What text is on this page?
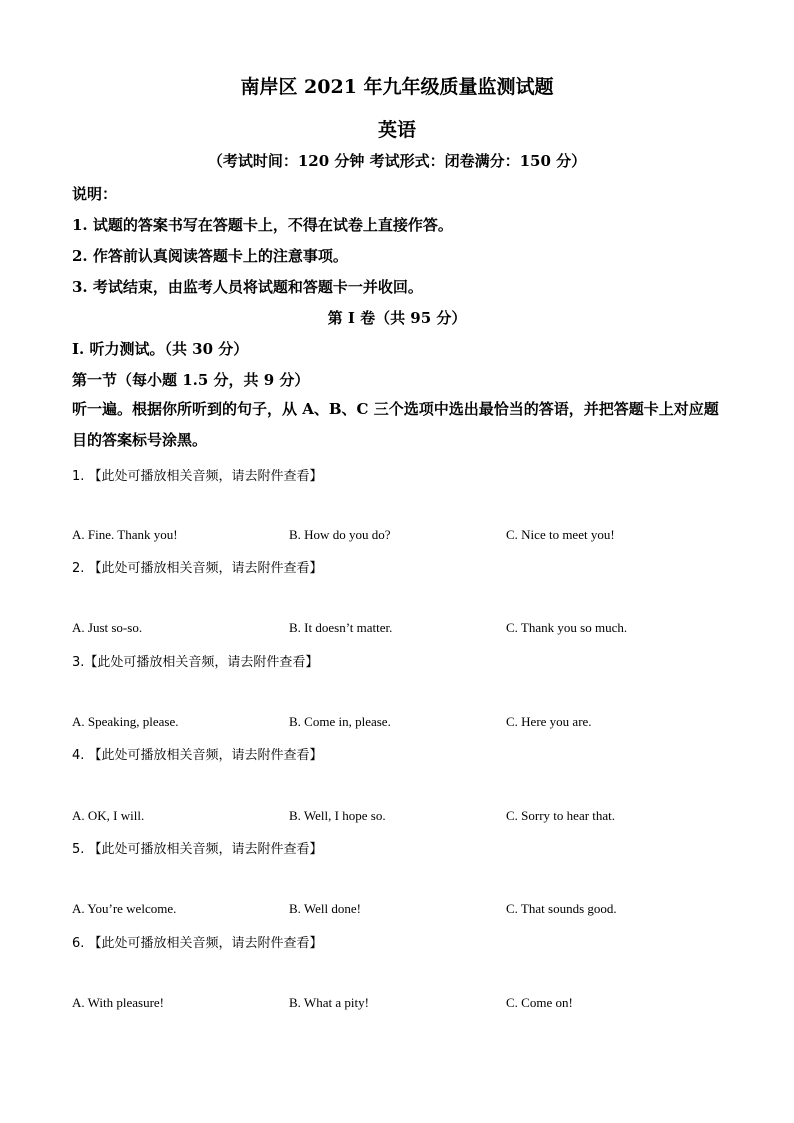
南岸区 2021 年九年级质量监测试题
英语
（考试时间：120 分钟 考试形式：闭卷满分：150 分）
说明：
1. 试题的答案书写在答题卡上，不得在试卷上直接作答。
2. 作答前认真阅读答题卡上的注意事项。
3. 考试结束，由监考人员将试题和答题卡一并收回。
第 I 卷（共 95 分）
I. 听力测试。（共 30 分）
第一节（每小题 1.5 分，共 9 分）
听一遍。根据你所听到的句子，从 A、B、C 三个选项中选出最恰当的答语，并把答题卡上对应题目的答案标号涂黑。
1. 【此处可播放相关音频，请去附件查看】
A. Fine. Thank you!	B. How do you do?	C. Nice to meet you!
2. 【此处可播放相关音频，请去附件查看】
A. Just so-so.	B. It doesn’t matter.	C. Thank you so much.
3.【此处可播放相关音频，请去附件查看】
A. Speaking, please.	B. Come in, please.	C. Here you are.
4. 【此处可播放相关音频，请去附件查看】
A. OK, I will.	B. Well, I hope so.	C. Sorry to hear that.
5. 【此处可播放相关音频，请去附件查看】
A. You’re welcome.	B. Well done!	C. That sounds good.
6. 【此处可播放相关音频，请去附件查看】
A. With pleasure!	B. What a pity!	C. Come on!
